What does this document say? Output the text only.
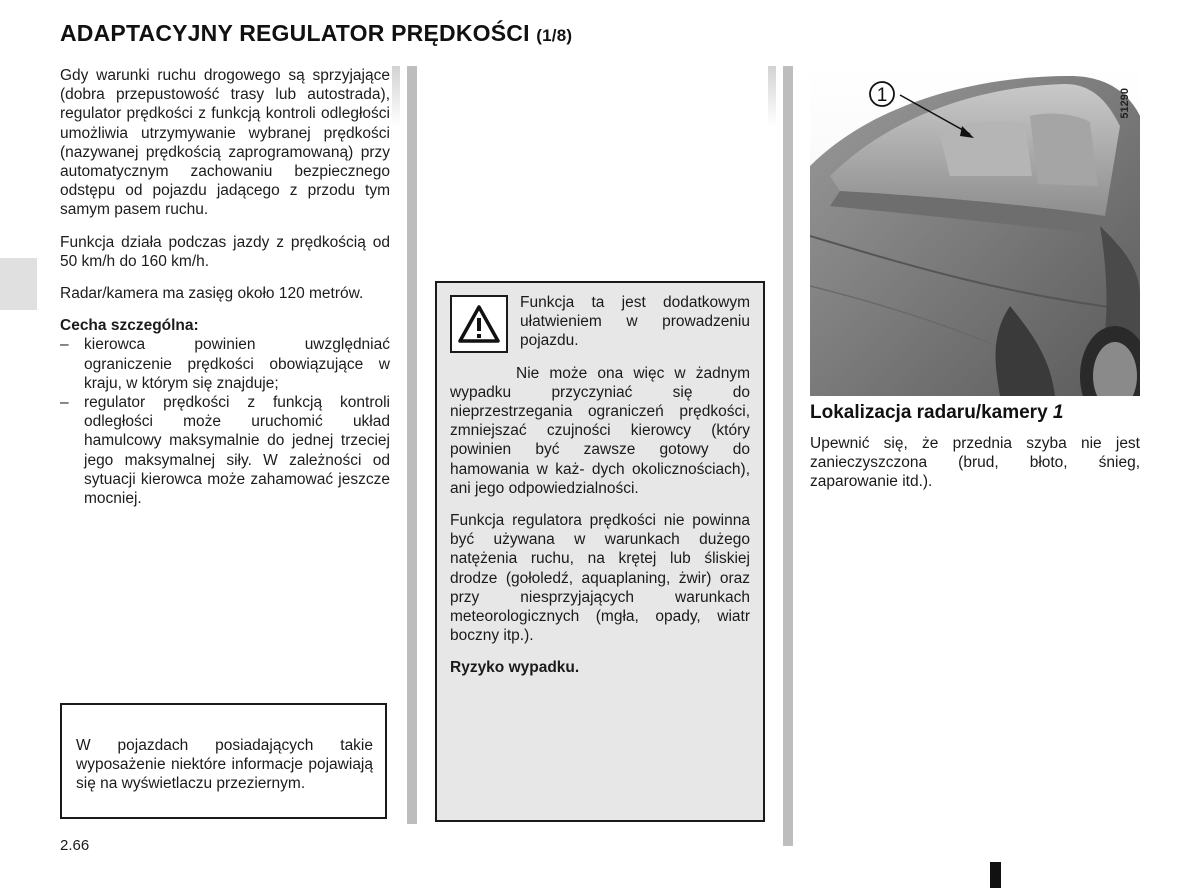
ADAPTACYJNY REGULATOR PRĘDKOŚCI (1/8)

Gdy warunki ruchu drogowego są sprzyjające (dobra przepustowość trasy lub autostrada), regulator prędkości z funkcją kontroli odległości umożliwia utrzymywanie wybranej prędkości (nazywanej prędkością zaprogramowaną) przy automatycznym zachowaniu bezpiecznego odstępu od pojazdu jadącego z przodu tym samym pasem ruchu.

Funkcja działa podczas jazdy z prędkością od 50 km/h do 160 km/h.

Radar/kamera ma zasięg około 120 metrów.

Cecha szczególna:
– kierowca powinien uwzględniać ograniczenie prędkości obowiązujące w kraju, w którym się znajduje;
– regulator prędkości z funkcją kontroli odległości może uruchomić układ hamulcowy maksymalnie do jednej trzeciej jego maksymalnej siły. W zależności od sytuacji kierowca może zahamować jeszcze mocniej.
W pojazdach posiadających takie wyposażenie niektóre informacje pojawiają się na wyświetlaczu przeziernym.

Funkcja ta jest dodatkowym ułatwieniem w prowadzeniu pojazdu.

Nie może ona więc w żadnym wypadku przyczyniać się do nieprzestrzegania ograniczeń prędkości, zmniejszać czujności kierowcy (który powinien być zawsze gotowy do hamowania w każ- dych okolicznościach), ani jego odpowiedzialności.

Funkcja regulatora prędkości nie powinna być używana w warunkach dużego natężenia ruchu, na krętej lub śliskiej drodze (gołoledź, aquaplaning, żwir) oraz przy niesprzyjających warunkach meteorologicznych (mgła, opady, wiatr boczny itp.).

Ryzyko wypadku.

1	51290
Lokalizacja radaru/kamery 1
Upewnić się, że przednia szyba nie jest zanieczyszczona (brud, błoto, śnieg, zaparowanie itd.).
2.66
